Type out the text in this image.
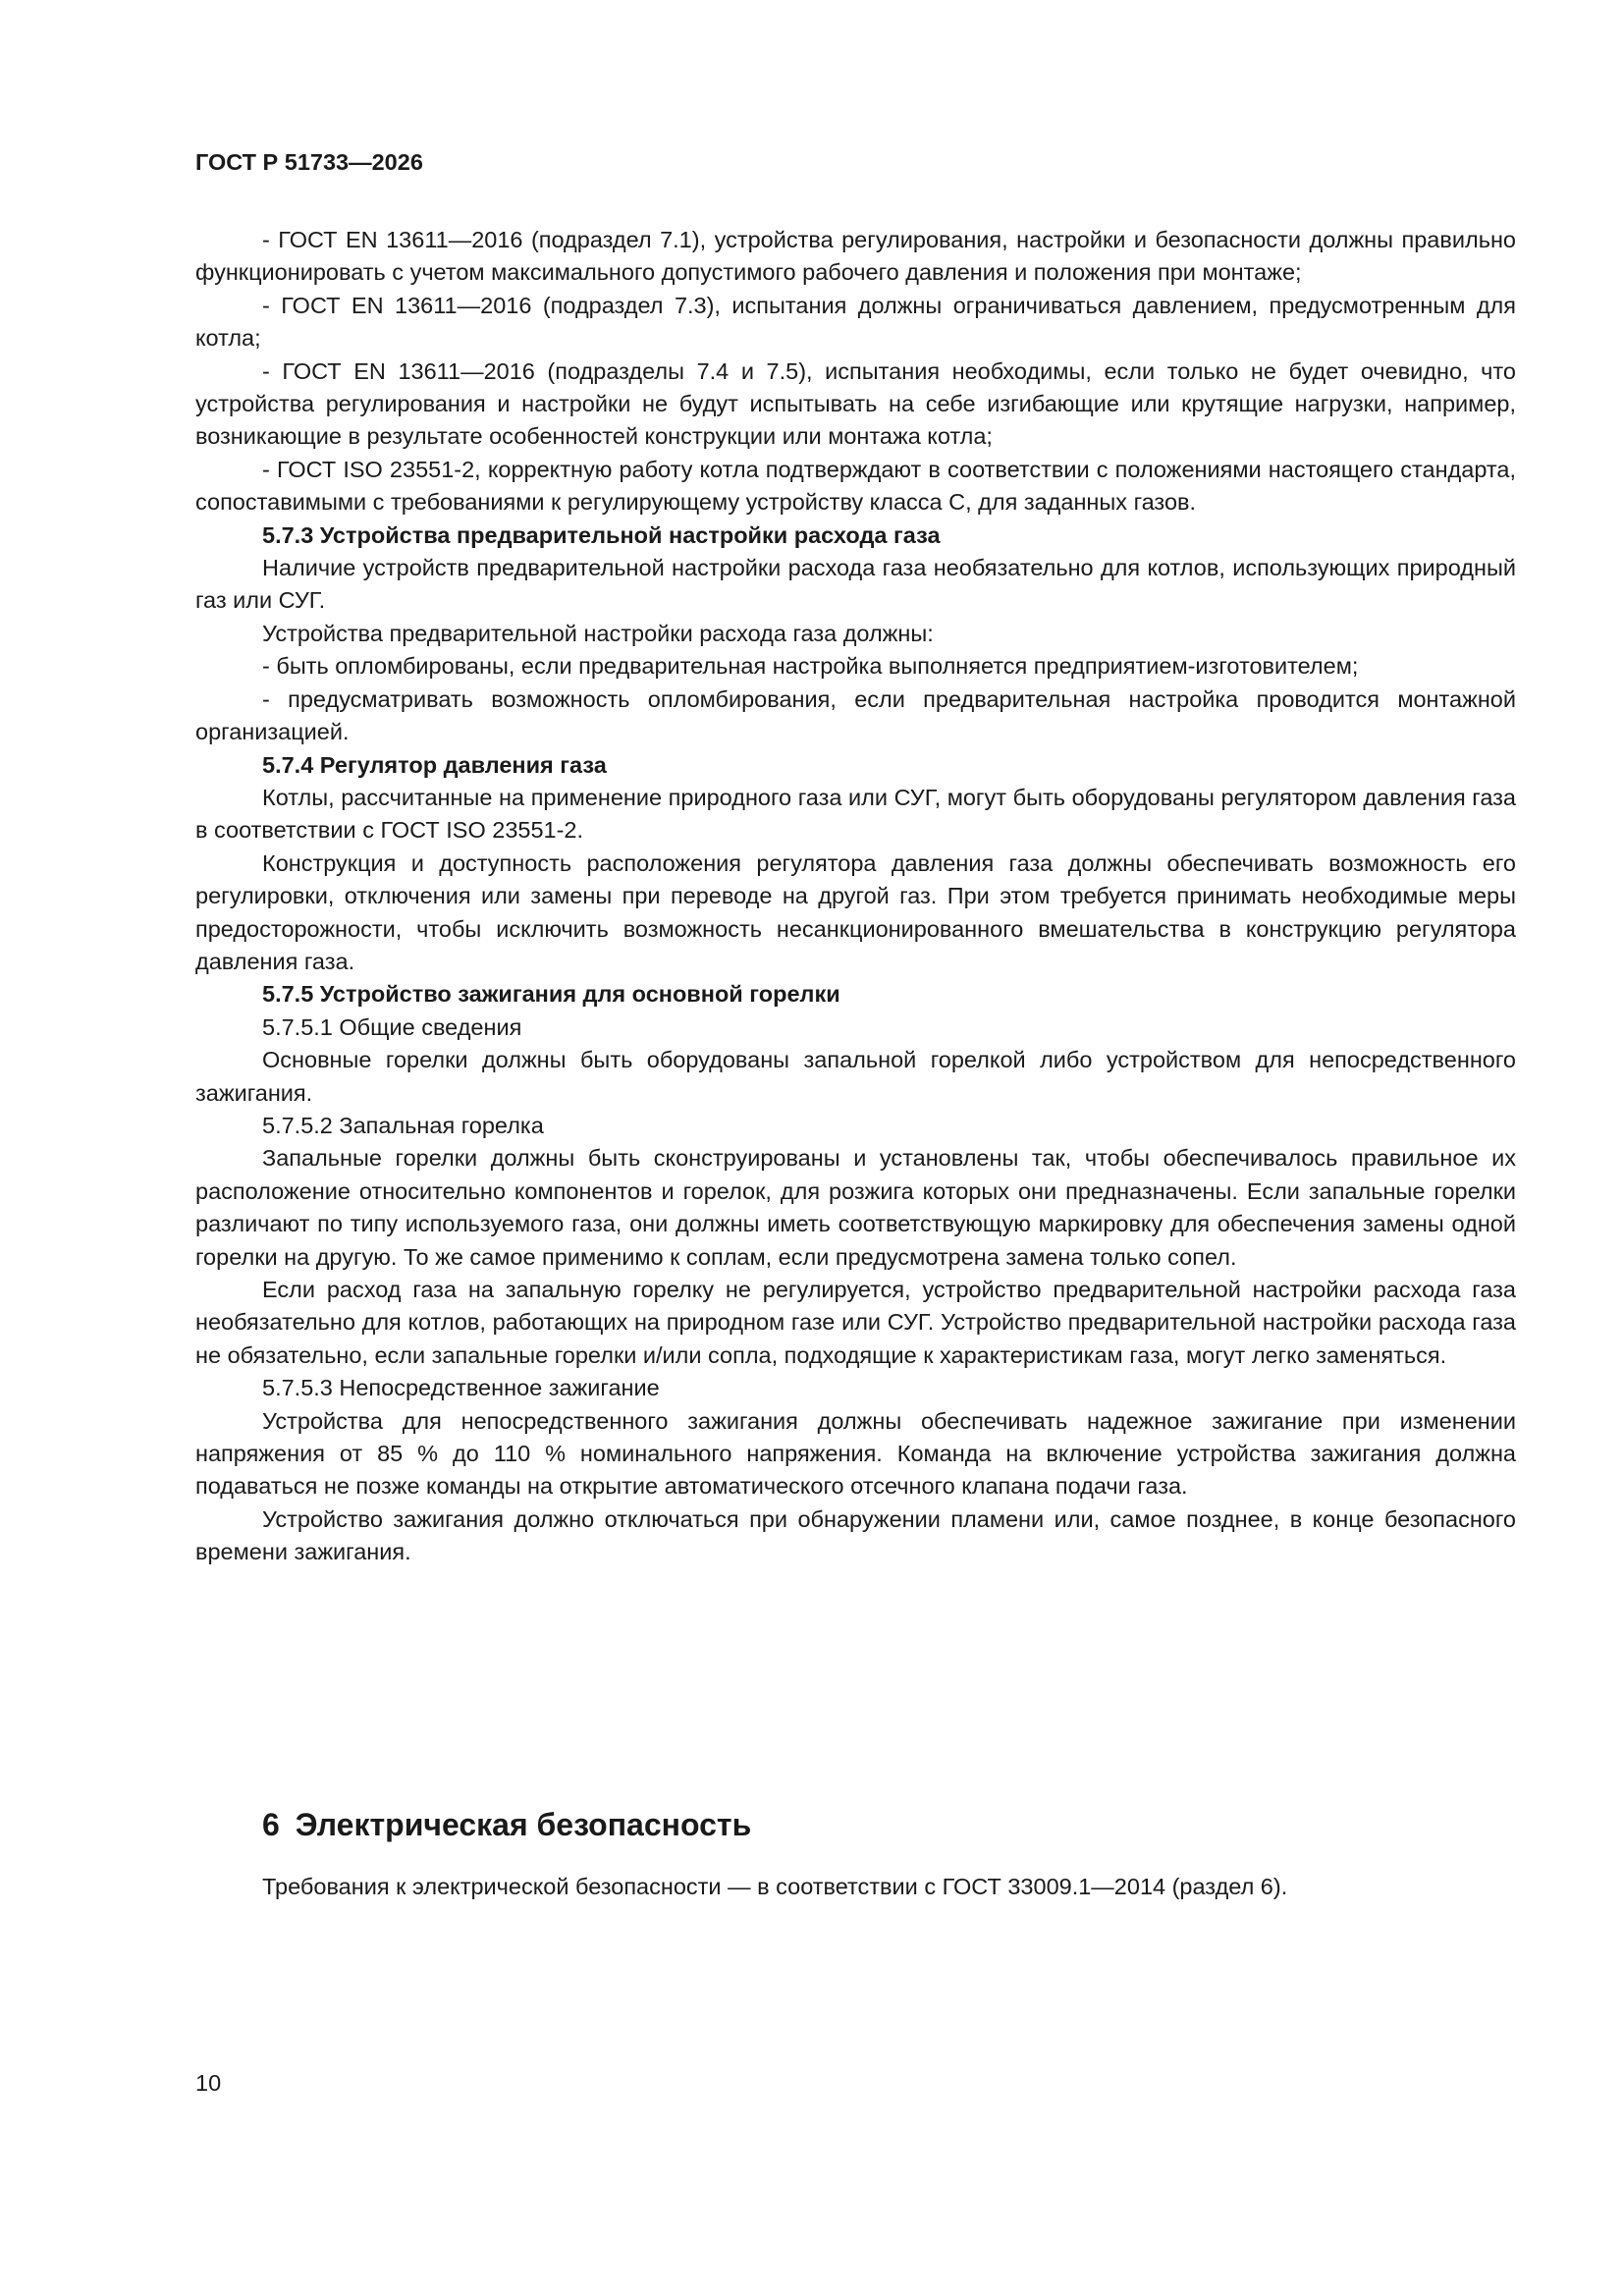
ГОСТ Р 51733—2026

- ГОСТ EN 13611—2016 (подраздел 7.1), устройства регулирования, настройки и безопасности должны правильно функционировать с учетом максимального допустимого рабочего давления и положения при монтаже;

- ГОСТ EN 13611—2016 (подраздел 7.3), испытания должны ограничиваться давлением, предусмотренным для котла;

- ГОСТ EN 13611—2016 (подразделы 7.4 и 7.5), испытания необходимы, если только не будет очевидно, что устройства регулирования и настройки не будут испытывать на себе изгибающие или крутящие нагрузки, например, возникающие в результате особенностей конструкции или монтажа котла;

- ГОСТ ISO 23551-2, корректную работу котла подтверждают в соответствии с положениями настоящего стандарта, сопоставимыми с требованиями к регулирующему устройству класса С, для заданных газов.

5.7.3 Устройства предварительной настройки расхода газа

Наличие устройств предварительной настройки расхода газа необязательно для котлов, использующих природный газ или СУГ.

Устройства предварительной настройки расхода газа должны:

- быть опломбированы, если предварительная настройка выполняется предприятием-изготовителем;

- предусматривать возможность опломбирования, если предварительная настройка проводится монтажной организацией.

5.7.4 Регулятор давления газа

Котлы, рассчитанные на применение природного газа или СУГ, могут быть оборудованы регулятором давления газа в соответствии с ГОСТ ISO 23551-2.

Конструкция и доступность расположения регулятора давления газа должны обеспечивать возможность его регулировки, отключения или замены при переводе на другой газ. При этом требуется принимать необходимые меры предосторожности, чтобы исключить возможность несанкционированного вмешательства в конструкцию регулятора давления газа.

5.7.5 Устройство зажигания для основной горелки

5.7.5.1 Общие сведения

Основные горелки должны быть оборудованы запальной горелкой либо устройством для непосредственного зажигания.

5.7.5.2 Запальная горелка

Запальные горелки должны быть сконструированы и установлены так, чтобы обеспечивалось правильное их расположение относительно компонентов и горелок, для розжига которых они предназначены. Если запальные горелки различают по типу используемого газа, они должны иметь соответствующую маркировку для обеспечения замены одной горелки на другую. То же самое применимо к соплам, если предусмотрена замена только сопел.

Если расход газа на запальную горелку не регулируется, устройство предварительной настройки расхода газа необязательно для котлов, работающих на природном газе или СУГ. Устройство предварительной настройки расхода газа не обязательно, если запальные горелки и/или сопла, подходящие к характеристикам газа, могут легко заменяться.

5.7.5.3 Непосредственное зажигание

Устройства для непосредственного зажигания должны обеспечивать надежное зажигание при изменении напряжения от 85 % до 110 % номинального напряжения. Команда на включение устройства зажигания должна подаваться не позже команды на открытие автоматического отсечного клапана подачи газа.

Устройство зажигания должно отключаться при обнаружении пламени или, самое позднее, в конце безопасного времени зажигания.

6 Электрическая безопасность

Требования к электрической безопасности — в соответствии с ГОСТ 33009.1—2014 (раздел 6).

10
